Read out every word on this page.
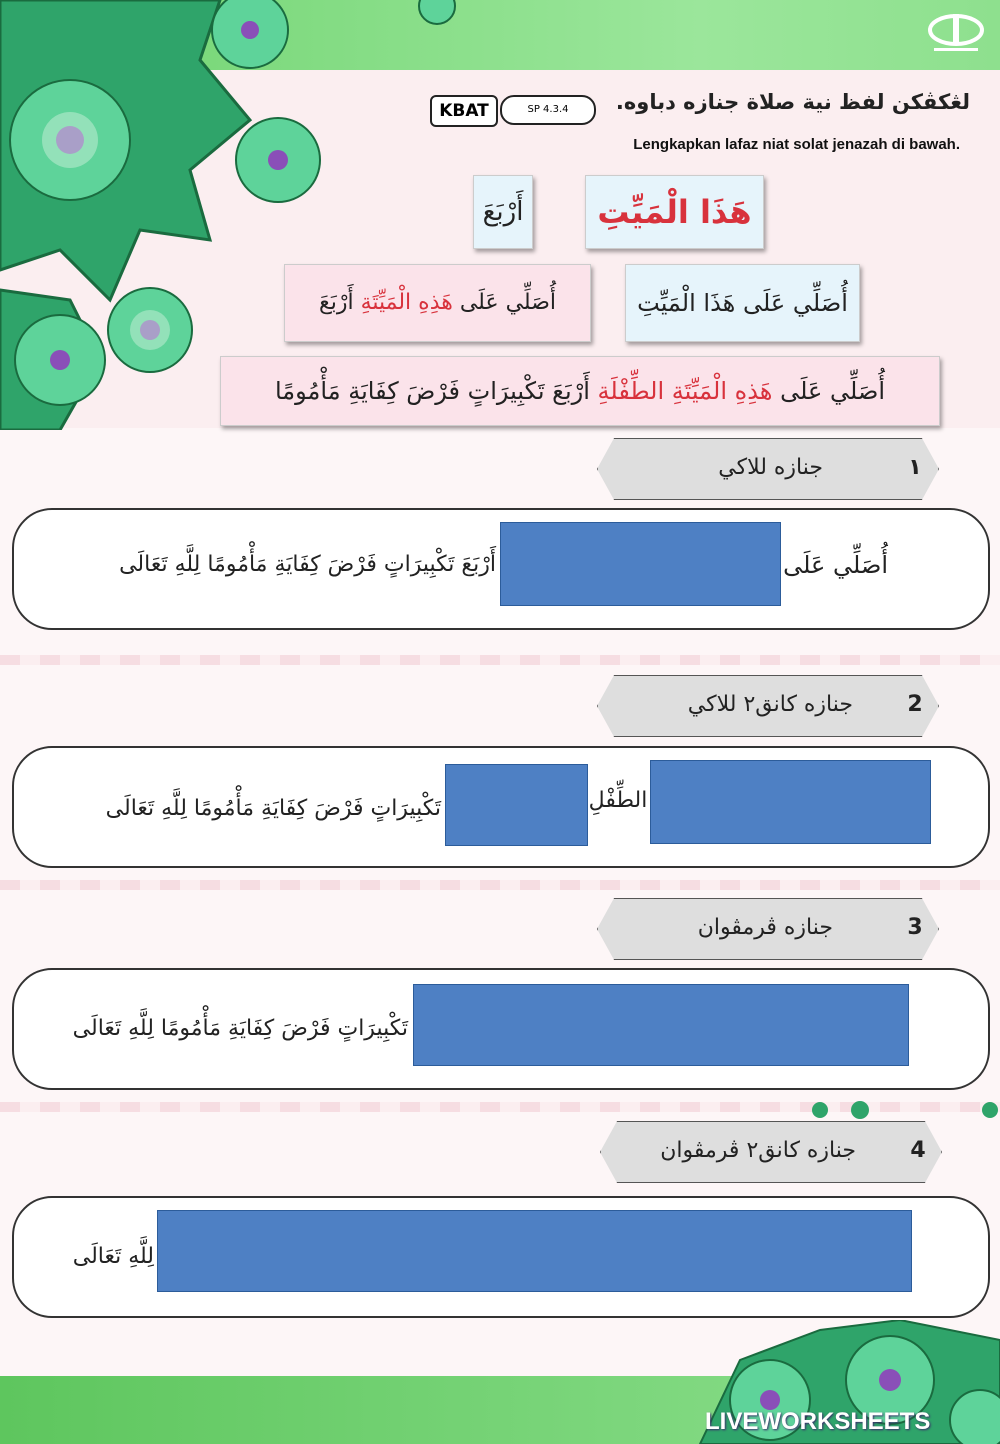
لڠکڤکن لفظ نية صلاة جنازه دباوه.
SP 4.3.4
KBAT
Lengkapkan lafaz niat solat jenazah di bawah.
أَرْبَعَ	هَذَا الْمَيِّتِ
أُصَلِّي عَلَى هَذَا الْمَيِّتِ
أُصَلِّي عَلَى هَذِهِ الْمَيِّتَةِ أَرْبَعَ
أُصَلِّي عَلَى هَذِهِ الْمَيِّتَةِ الطِّفْلَةِ أَرْبَعَ تَكْبِيرَاتٍ فَرْضَ كِفَايَةِ مَأْمُومًا
١ جنازه للاكي
أُصَلِّي عَلَى
أَرْبَعَ تَكْبِيرَاتٍ فَرْضَ كِفَايَةِ مَأْمُومًا لِلَّهِ تَعَالَى
2 جنازه كانق٢ للاكي
الطِّفْلِ
تَكْبِيرَاتٍ فَرْضَ كِفَايَةِ مَأْمُومًا لِلَّهِ تَعَالَى
3 جنازه ڤرمڤوان
تَكْبِيرَاتٍ فَرْضَ كِفَايَةِ مَأْمُومًا لِلَّهِ تَعَالَى
4 جنازه كانق٢ ڤرمڤوان
لِلَّهِ تَعَالَى
LIVEWORKSHEETS
